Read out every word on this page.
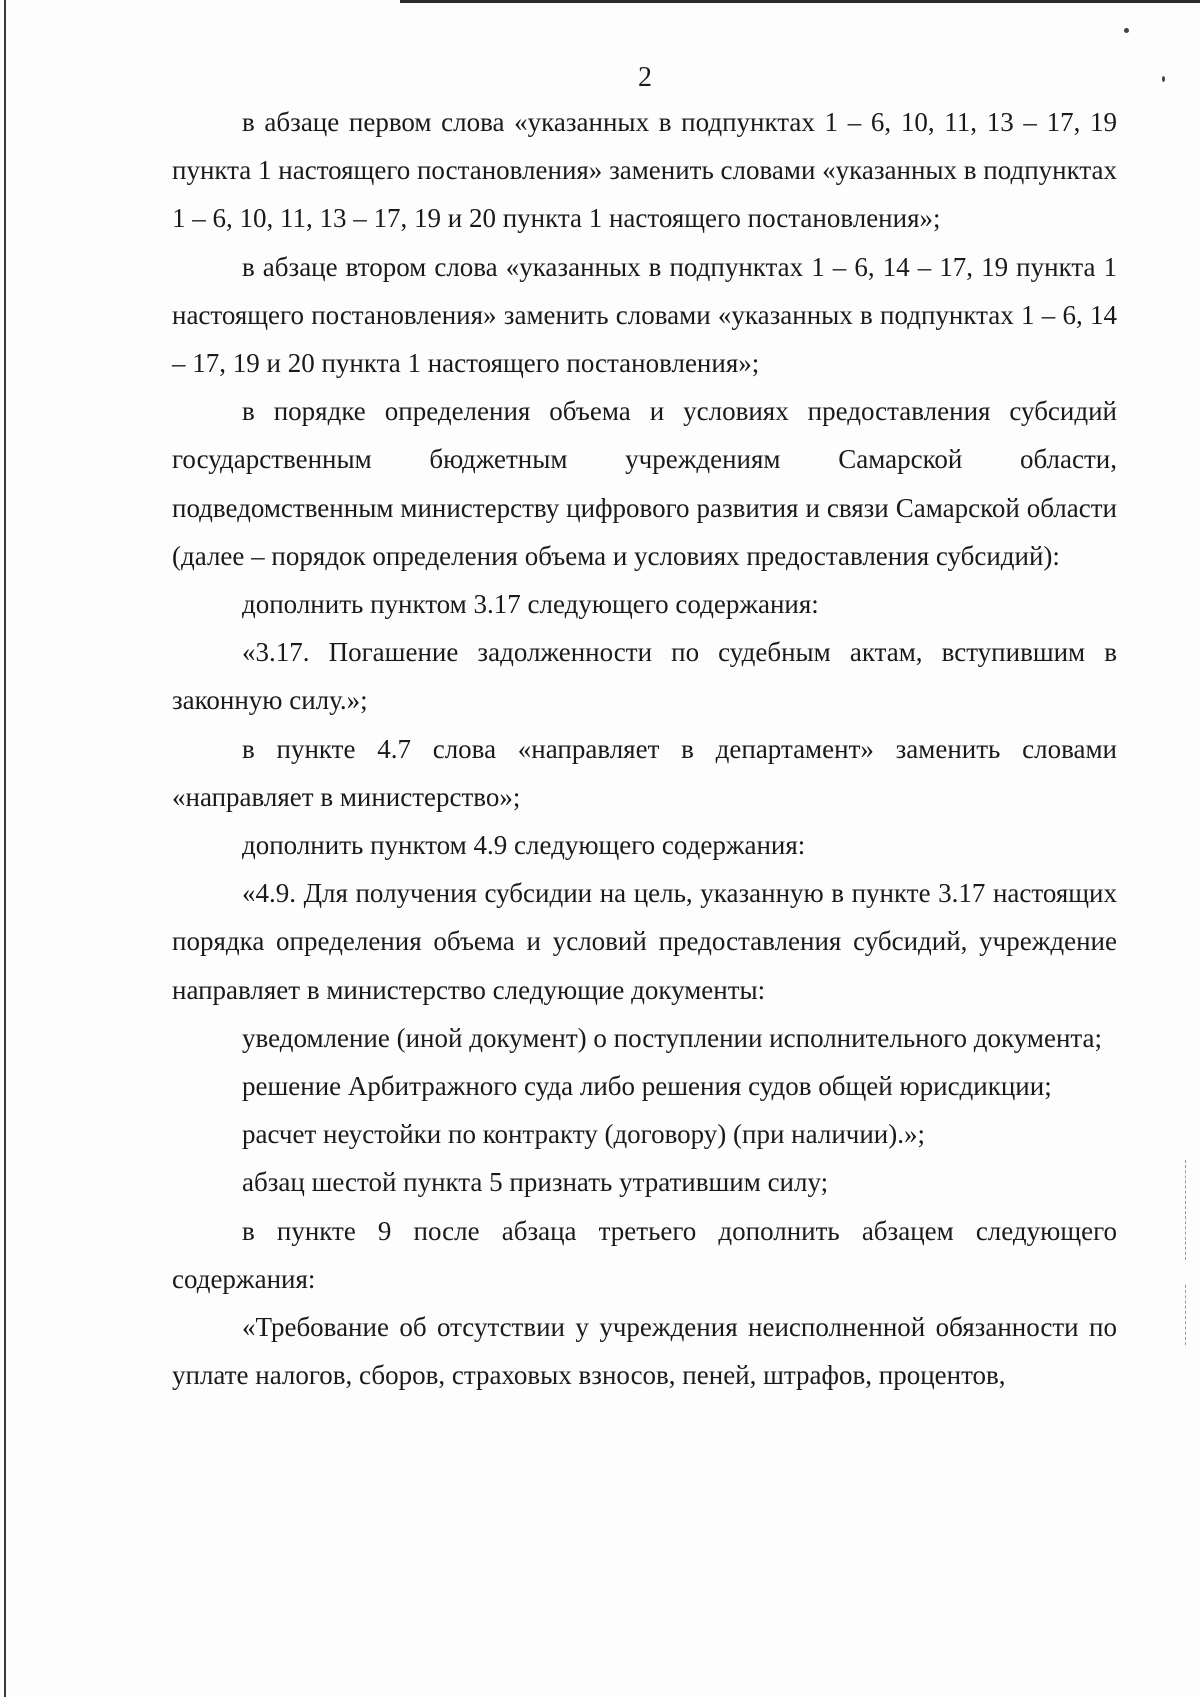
2

в абзаце первом слова «указанных в подпунктах 1 – 6, 10, 11, 13 – 17, 19 пункта 1 настоящего постановления» заменить словами «указанных в подпунктах 1 – 6, 10, 11, 13 – 17, 19 и 20 пункта 1 настоящего постановления»;

в абзаце втором слова «указанных в подпунктах 1 – 6, 14 – 17, 19 пункта 1 настоящего постановления» заменить словами «указанных в подпунктах 1 – 6, 14 – 17, 19 и 20 пункта 1 настоящего постановления»;

в порядке определения объема и условиях предоставления субсидий государственным бюджетным учреждениям Самарской области, подведомственным министерству цифрового развития и связи Самарской области (далее – порядок определения объема и условиях предоставления субсидий):

дополнить пунктом 3.17 следующего содержания:

«3.17. Погашение задолженности по судебным актам, вступившим в законную силу.»;

в пункте 4.7 слова «направляет в департамент» заменить словами «направляет в министерство»;

дополнить пунктом 4.9 следующего содержания:

«4.9. Для получения субсидии на цель, указанную в пункте 3.17 настоящих порядка определения объема и условий предоставления субсидий, учреждение направляет в министерство следующие документы:

уведомление (иной документ) о поступлении исполнительного документа;

решение Арбитражного суда либо решения судов общей юрисдикции;

расчет неустойки по контракту (договору) (при наличии).»;

абзац шестой пункта 5 признать утратившим силу;

в пункте 9 после абзаца третьего дополнить абзацем следующего содержания:

«Требование об отсутствии у учреждения неисполненной обязанности по уплате налогов, сборов, страховых взносов, пеней, штрафов, процентов,
